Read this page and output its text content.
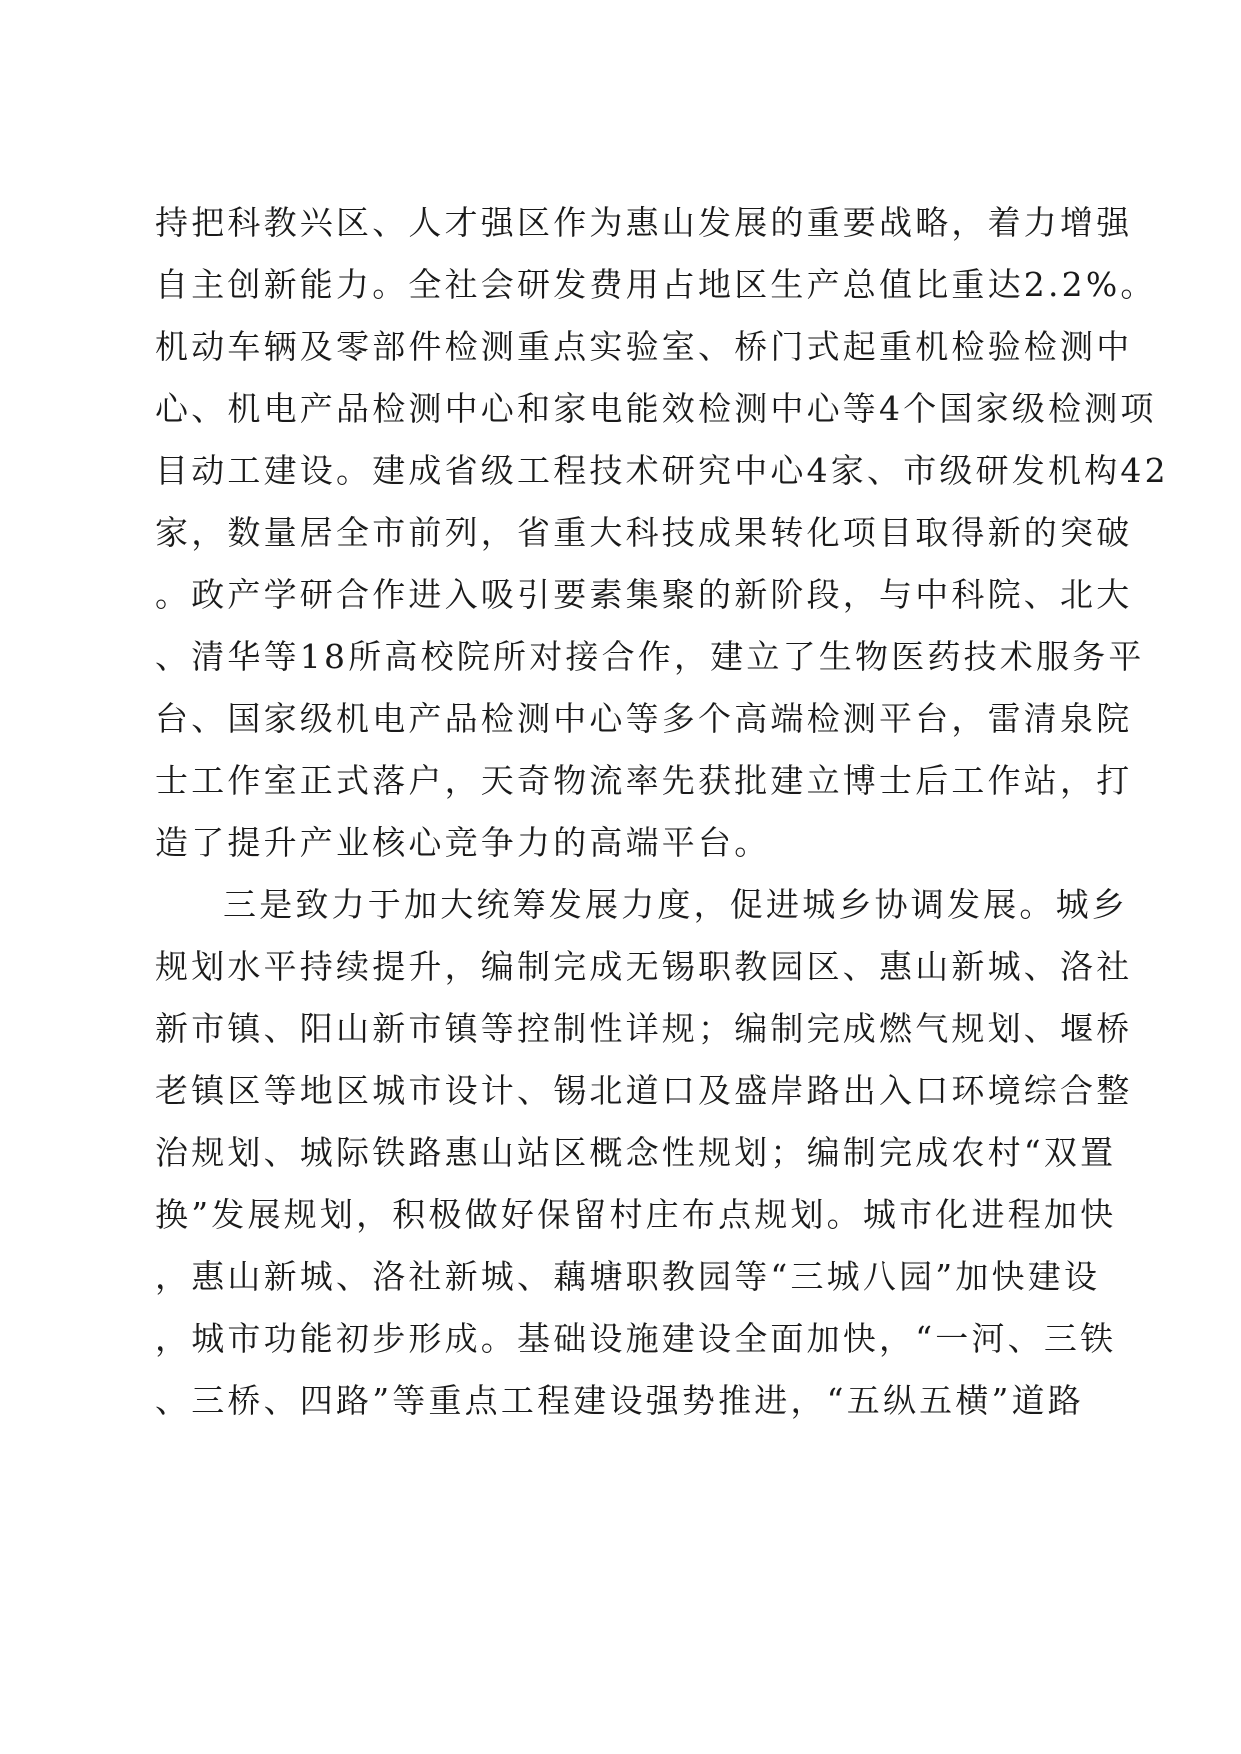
持把科教兴区、人才强区作为惠山发展的重要战略，着力增强
自主创新能力。全社会研发费用占地区生产总值比重达2.2%。
机动车辆及零部件检测重点实验室、桥门式起重机检验检测中
心、机电产品检测中心和家电能效检测中心等4个国家级检测项
目动工建设。建成省级工程技术研究中心4家、市级研发机构42
家，数量居全市前列，省重大科技成果转化项目取得新的突破
。政产学研合作进入吸引要素集聚的新阶段，与中科院、北大
、清华等18所高校院所对接合作，建立了生物医药技术服务平
台、国家级机电产品检测中心等多个高端检测平台，雷清泉院
士工作室正式落户，天奇物流率先获批建立博士后工作站，打
造了提升产业核心竞争力的高端平台。
三是致力于加大统筹发展力度，促进城乡协调发展。城乡
规划水平持续提升，编制完成无锡职教园区、惠山新城、洛社
新市镇、阳山新市镇等控制性详规；编制完成燃气规划、堰桥
老镇区等地区城市设计、锡北道口及盛岸路出入口环境综合整
治规划、城际铁路惠山站区概念性规划；编制完成农村“双置
换”发展规划，积极做好保留村庄布点规划。城市化进程加快
，惠山新城、洛社新城、藕塘职教园等“三城八园”加快建设
，城市功能初步形成。基础设施建设全面加快，“一河、三铁
、三桥、四路”等重点工程建设强势推进，“五纵五横”道路
